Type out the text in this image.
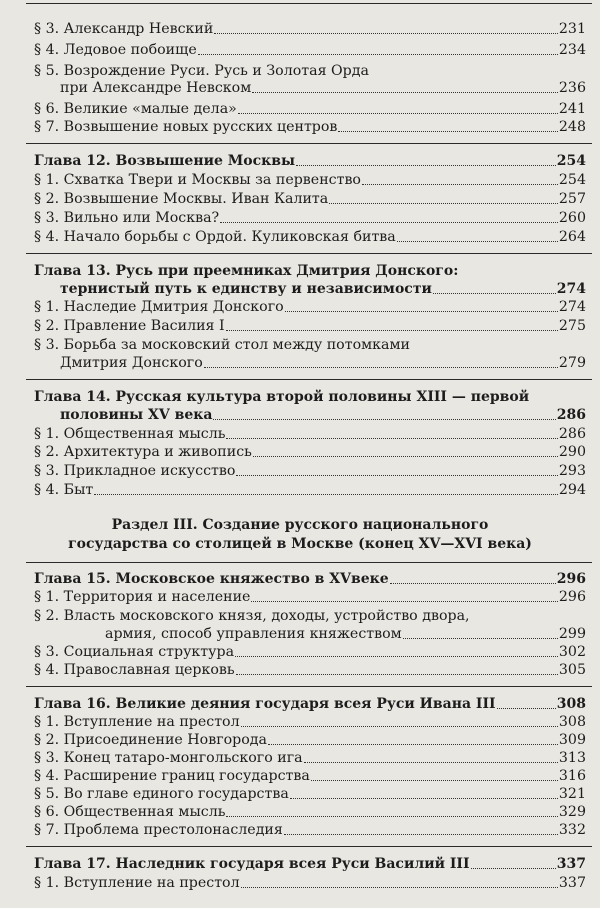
§ 3. Александр Невский	231
§ 4. Ледовое побоище	234
§ 5. Возрождение Руси. Русь и Золотая Орда
при Александре Невском	236
§ 6. Великие «малые дела»	241
§ 7. Возвышение новых русских центров	248
Глава 12. Возвышение Москвы	254
§ 1. Схватка Твери и Москвы за первенство	254
§ 2. Возвышение Москвы. Иван Калита	257
§ 3. Вильно или Москва?	260
§ 4. Начало борьбы с Ордой. Куликовская битва	264
Глава 13. Русь при преемниках Дмитрия Донского:
тернистый путь к единству и независимости	274
§ 1. Наследие Дмитрия Донского	274
§ 2. Правление Василия I	275
§ 3. Борьба за московский стол между потомками
Дмитрия Донского	279
Глава 14. Русская культура второй половины XIII — первой
половины XV века	286
§ 1. Общественная мысль	286
§ 2. Архитектура и живопись	290
§ 3. Прикладное искусство	293
§ 4. Быт	294
Раздел III. Создание русского национального
государства со столицей в Москве (конец XV—XVI века)
Глава 15. Московское княжество в XVвеке	296
§ 1. Территория и население	296
§ 2. Власть московского князя, доходы, устройство двора,
армия, способ управления княжеством	299
§ 3. Социальная структура	302
§ 4. Православная церковь	305
Глава 16. Великие деяния государя всея Руси Ивана III	308
§ 1. Вступление на престол	308
§ 2. Присоединение Новгорода	309
§ 3. Конец татаро-монгольского ига	313
§ 4. Расширение границ государства	316
§ 5. Во главе единого государства	321
§ 6. Общественная мысль	329
§ 7. Проблема престолонаследия	332
Глава 17. Наследник государя всея Руси Василий III	337
§ 1. Вступление на престол	337
